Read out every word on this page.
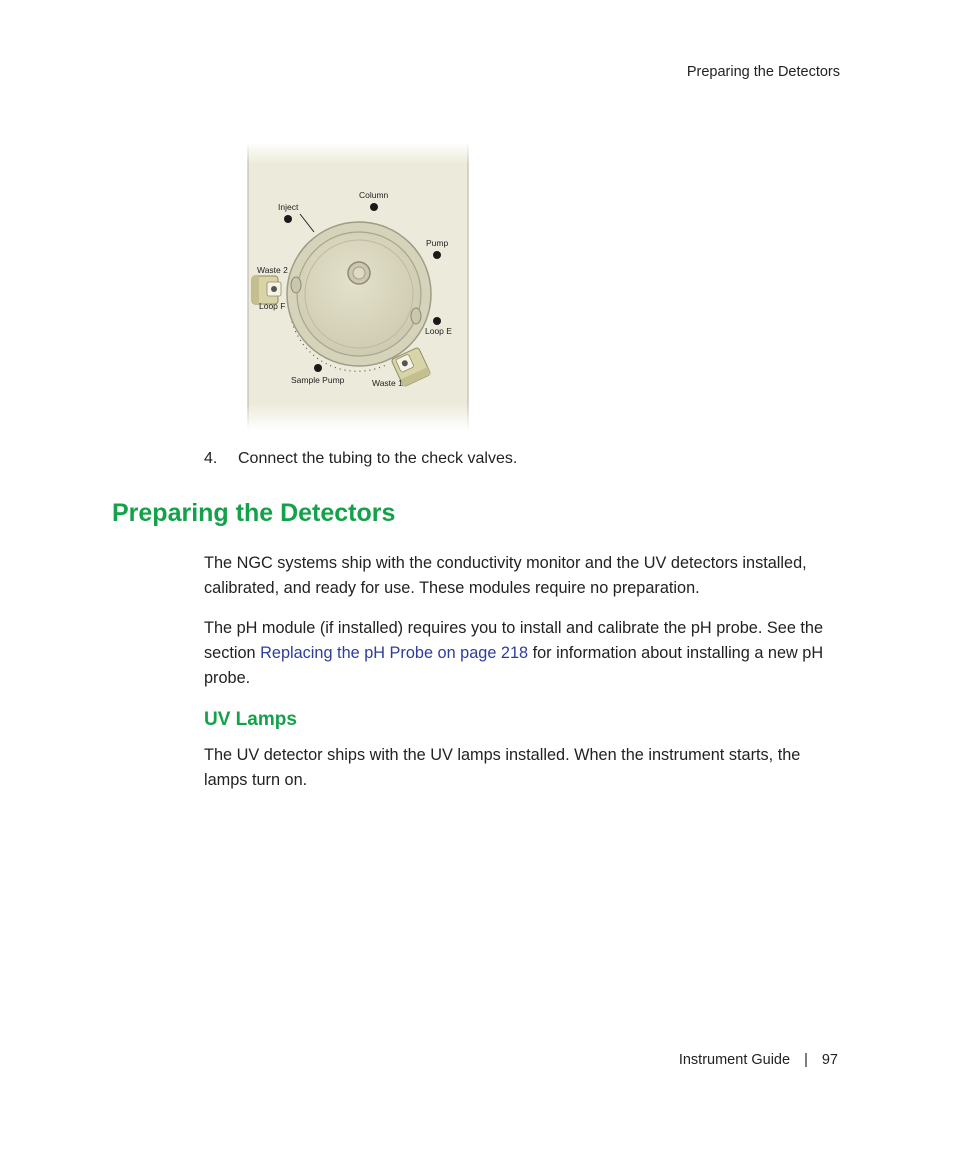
Preparing the Detectors
Column
Inject
Pump
Waste 2
Loop F
Loop E
Sample Pump	Waste 1
4. Connect the tubing to the check valves.
Preparing the Detectors

The NGC systems ship with the conductivity monitor and the UV detectors installed, calibrated, and ready for use. These modules require no preparation.

The pH module (if installed) requires you to install and calibrate the pH probe. See the section Replacing the pH Probe on page 218 for information about installing a new pH probe.

UV Lamps

The UV detector ships with the UV lamps installed. When the instrument starts, the lamps turn on.

Instrument Guide | 97
